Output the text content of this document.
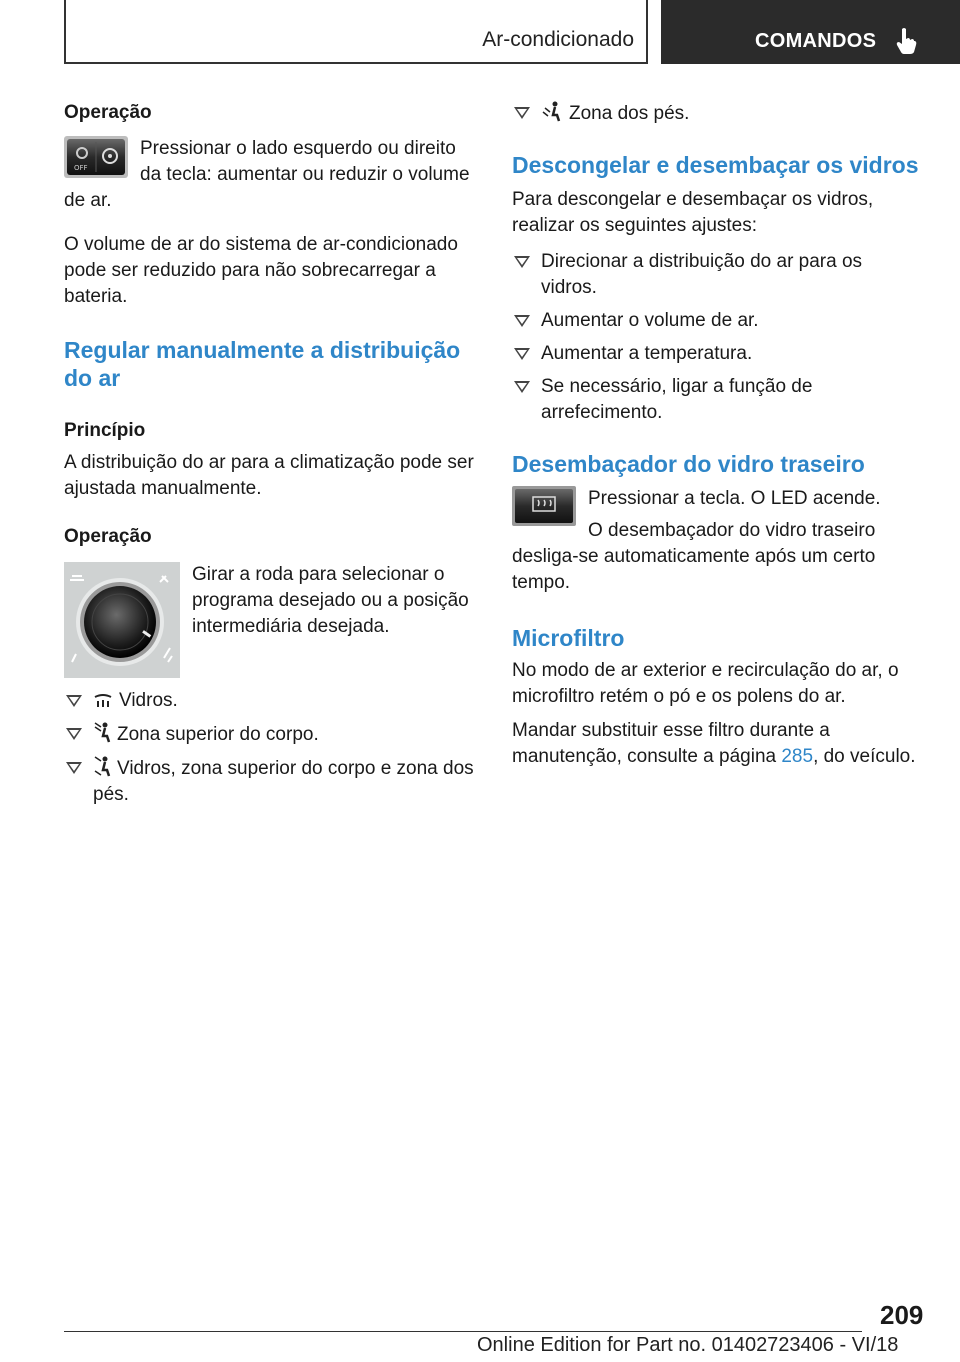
Ar-condicionado	COMANDOS
Operação
OFF

Pressionar o lado esquerdo ou direito da tecla: aumentar ou reduzir o volume de ar.

O volume de ar do sistema de ar-condicionado pode ser reduzido para não sobrecarregar a bateria.

Regular manualmente a distribuição do ar
Princípio

A distribuição do ar para a climatização pode ser ajustada manualmente.

Operação

Girar a roda para selecionar o programa desejado ou a posição intermediária desejada.

Vidros.
Zona superior do corpo.
Vidros, zona superior do corpo e zona dos pés.
Zona dos pés.
Descongelar e desembaçar os vidros

Para descongelar e desembaçar os vidros, realizar os seguintes ajustes:

Direcionar a distribuição do ar para os vidros.
Aumentar o volume de ar.
Aumentar a temperatura.
Se necessário, ligar a função de arrefecimento.
Desembaçador do vidro traseiro

Pressionar a tecla. O LED acende.

O desembaçador do vidro traseiro desliga-se automaticamente após um certo tempo.

Microfiltro

No modo de ar exterior e recirculação do ar, o microfiltro retém o pó e os polens do ar.

Mandar substituir esse filtro durante a manutenção, consulte a página 285, do veículo.

209
Online Edition for Part no. 01402723406 - VI/18
